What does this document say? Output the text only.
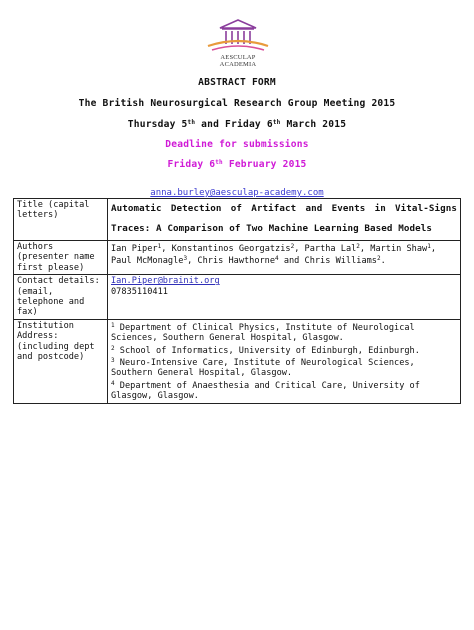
AESCULAP
ACADEMIA
ABSTRACT FORM
The British Neurosurgical Research Group Meeting 2015
Thursday 5th and Friday 6th March 2015
Deadline for submissions
Friday 6th February 2015
anna.burley@aesculap-academy.com
Title (capital letters)	Automatic Detection of Artifact and Events in Vital-Signs Traces: A Comparison of Two Machine Learning Based Models
Authors (presenter name first please)	Ian Piper$^1$, Konstantinos Georgatzis$^2$, Partha Lal$^2$, Martin Shaw$^1$, Paul McMonagle$^3$, Chris Hawthorne$^4$ and Chris Williams$^2$.
Contact details: (email, telephone and fax)	Ian.Piper@brainit.org
07835110411
Institution Address: (including dept and postcode)	$^1$ Department of Clinical Physics, Institute of Neurological Sciences, Southern General Hospital, Glasgow.
$^2$ School of Informatics, University of Edinburgh, Edinburgh.
$^3$ Neuro-Intensive Care, Institute of Neurological Sciences, Southern General Hospital, Glasgow.
$^4$ Department of Anaesthesia and Critical Care, University of Glasgow, Glasgow.
